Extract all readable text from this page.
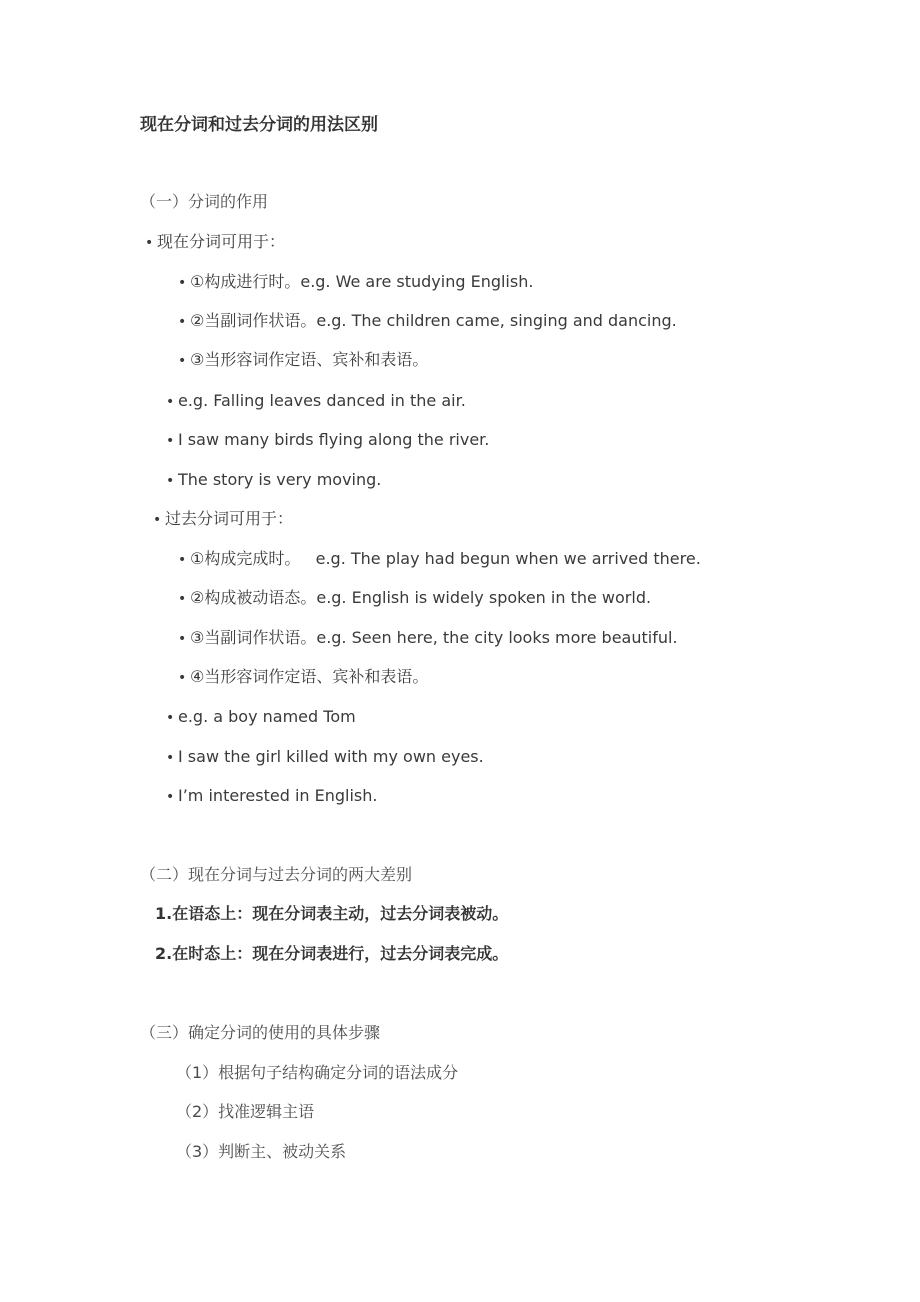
现在分词和过去分词的用法区别
（一）分词的作用
• 现在分词可用于：
• ①构成进行时。e.g. We are studying English.
• ②当副词作状语。e.g. The children came, singing and dancing.
• ③当形容词作定语、宾补和表语。
• e.g. Falling leaves danced in the air.
• I saw many birds flying along the river.
• The story is very moving.
• 过去分词可用于：
• ①构成完成时。   e.g. The play had begun when we arrived there.
• ②构成被动语态。e.g. English is widely spoken in the world.
• ③当副词作状语。e.g. Seen here, the city looks more beautiful.
• ④当形容词作定语、宾补和表语。
• e.g. a boy named Tom
• I saw the girl killed with my own eyes.
• I’m interested in English.
（二）现在分词与过去分词的两大差别
1.在语态上：现在分词表主动，过去分词表被动。
2.在时态上：现在分词表进行，过去分词表完成。
（三）确定分词的使用的具体步骤
（1）根据句子结构确定分词的语法成分
（2）找准逻辑主语
（3）判断主、被动关系
